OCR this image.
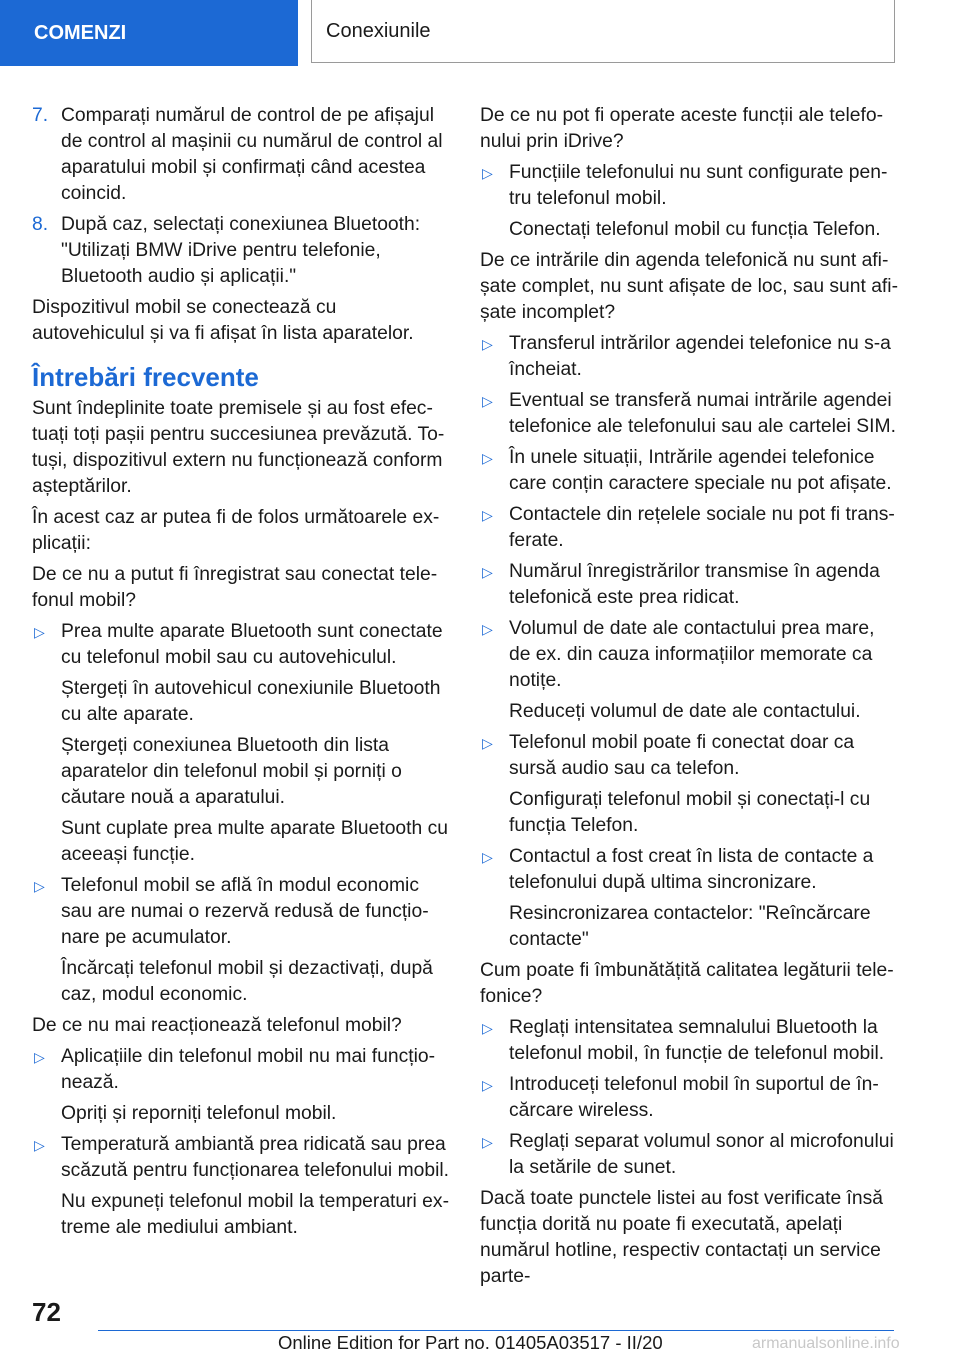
COMENZI	Conexiunile
7. Comparați numărul de control de pe afișajul de control al mașinii cu numărul de control al aparatului mobil și confirmați când acestea coincid.
8. După caz, selectați conexiunea Bluetooth: "Utilizați BMW iDrive pentru telefonie, Bluetooth audio și aplicații."

Dispozitivul mobil se conectează cu autovehiculul și va fi afișat în lista aparatelor.

Întrebări frecvente

Sunt îndeplinite toate premisele și au fost efectuați toți pașii pentru succesiunea prevăzută. Totuși, dispozitivul extern nu funcționează conform așteptărilor.

În acest caz ar putea fi de folos următoarele explicații:

De ce nu a putut fi înregistrat sau conectat telefonul mobil?

▷ Prea multe aparate Bluetooth sunt conectate cu telefonul mobil sau cu autovehiculul.
Ștergeți în autovehicul conexiunile Bluetooth cu alte aparate.
Ștergeți conexiunea Bluetooth din lista aparatelor din telefonul mobil și porniți o căutare nouă a aparatului.
Sunt cuplate prea multe aparate Bluetooth cu aceeași funcție.
▷ Telefonul mobil se află în modul economic sau are numai o rezervă redusă de funcționare pe acumulator.
Încărcați telefonul mobil și dezactivați, după caz, modul economic.

De ce nu mai reacționează telefonul mobil?

▷ Aplicațiile din telefonul mobil nu mai funcționează.
Opriți și reporniți telefonul mobil.
▷ Temperatură ambiantă prea ridicată sau prea scăzută pentru funcționarea telefonului mobil.
Nu expuneți telefonul mobil la temperaturi extreme ale mediului ambiant.

De ce nu pot fi operate aceste funcții ale telefonului prin iDrive?

▷ Funcțiile telefonului nu sunt configurate pentru telefonul mobil.
Conectați telefonul mobil cu funcția Telefon.

De ce intrările din agenda telefonică nu sunt afișate complet, nu sunt afișate de loc, sau sunt afișate incomplet?

▷ Transferul intrărilor agendei telefonice nu s-a încheiat.
▷ Eventual se transferă numai intrările agendei telefonice ale telefonului sau ale cartelei SIM.
▷ În unele situații, Intrările agendei telefonice care conțin caractere speciale nu pot afișate.
▷ Contactele din rețelele sociale nu pot fi transferate.
▷ Numărul înregistrărilor transmise în agenda telefonică este prea ridicat.
▷ Volumul de date ale contactului prea mare, de ex. din cauza informațiilor memorate ca notițe.
Reduceți volumul de date ale contactului.
▷ Telefonul mobil poate fi conectat doar ca sursă audio sau ca telefon.
Configurați telefonul mobil și conectați-l cu funcția Telefon.
▷ Contactul a fost creat în lista de contacte a telefonului după ultima sincronizare.
Resincronizarea contactelor: "Reîncărcare contacte"

Cum poate fi îmbunătățită calitatea legăturii telefonice?

▷ Reglați intensitatea semnalului Bluetooth la telefonul mobil, în funcție de telefonul mobil.
▷ Introduceți telefonul mobil în suportul de încărcare wireless.
▷ Reglați separat volumul sonor al microfonului la setările de sunet.

Dacă toate punctele listei au fost verificate însă funcția dorită nu poate fi executată, apelați numărul hotline, respectiv contactați un service parte-

72
Online Edition for Part no. 01405A03517 - II/20	armanualsonline.info
